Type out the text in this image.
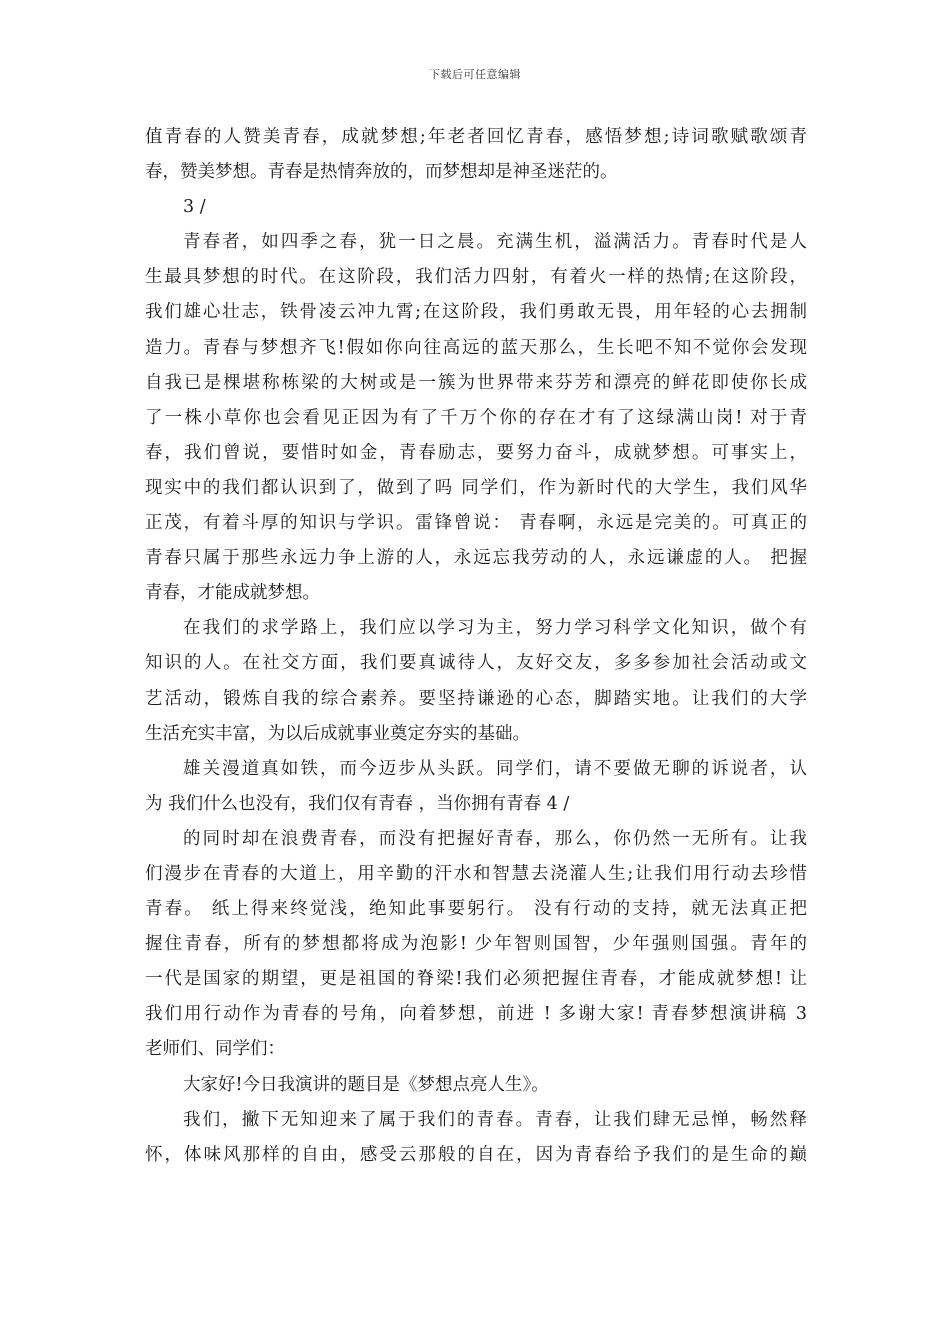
下载后可任意编辑
值青春的人赞美青春，成就梦想;年老者回忆青春，感悟梦想;诗词歌赋歌颂青
春，赞美梦想。青春是热情奔放的，而梦想却是神圣迷茫的。
3 /
青春者，如四季之春，犹一日之晨。充满生机，溢满活力。青春时代是人
生最具梦想的时代。在这阶段，我们活力四射，有着火一样的热情;在这阶段，
我们雄心壮志，铁骨凌云冲九霄;在这阶段，我们勇敢无畏，用年轻的心去拥制
造力。青春与梦想齐飞!假如你向往高远的蓝天那么，生长吧不知不觉你会发现
自我已是棵堪称栋梁的大树或是一簇为世界带来芬芳和漂亮的鲜花即使你长成
了一株小草你也会看见正因为有了千万个你的存在才有了这绿满山岗! 对于青
春，我们曾说，要惜时如金，青春励志，要努力奋斗，成就梦想。可事实上，
现实中的我们都认识到了，做到了吗 同学们，作为新时代的大学生，我们风华
正茂，有着斗厚的知识与学识。雷锋曾说： 青春啊，永远是完美的。可真正的
青春只属于那些永远力争上游的人，永远忘我劳动的人，永远谦虚的人。 把握
青春，才能成就梦想。
在我们的求学路上，我们应以学习为主，努力学习科学文化知识，做个有
知识的人。在社交方面，我们要真诚待人，友好交友，多多参加社会活动或文
艺活动，锻炼自我的综合素养。要坚持谦逊的心态，脚踏实地。让我们的大学
生活充实丰富，为以后成就事业奠定夯实的基础。
雄关漫道真如铁，而今迈步从头跃。同学们，请不要做无聊的诉说者，认
为 我们什么也没有，我们仅有青春 ，当你拥有青春 4 /
的同时却在浪费青春，而没有把握好青春，那么，你仍然一无所有。让我
们漫步在青春的大道上，用辛勤的汗水和智慧去浇灌人生;让我们用行动去珍惜
青春。 纸上得来终觉浅，绝知此事要躬行。 没有行动的支持，就无法真正把
握住青春，所有的梦想都将成为泡影! 少年智则国智，少年强则国强。青年的
一代是国家的期望，更是祖国的脊梁!我们必须把握住青春，才能成就梦想! 让
我们用行动作为青春的号角，向着梦想，前进 ! 多谢大家! 青春梦想演讲稿 3
老师们、同学们：
大家好!今日我演讲的题目是《梦想点亮人生》。
我们，撇下无知迎来了属于我们的青春。青春，让我们肆无忌惮，畅然释
怀，体味风那样的自由，感受云那般的自在，因为青春给予我们的是生命的巅
